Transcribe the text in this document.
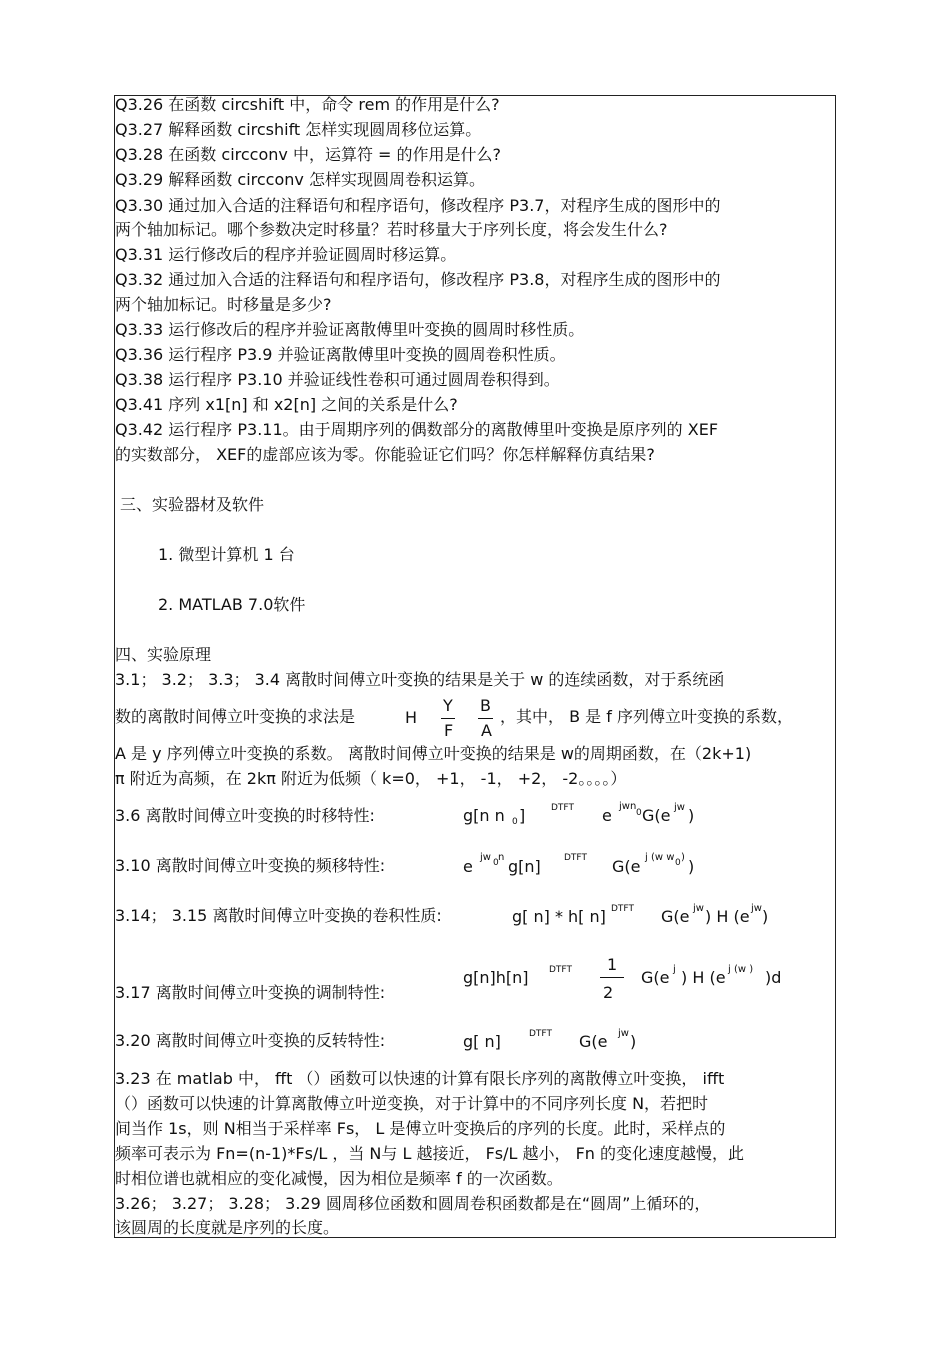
Q3.26 在函数 circshift 中，命令 rem 的作用是什么?
Q3.27 解释函数 circshift 怎样实现圆周移位运算。
Q3.28 在函数 circconv 中，运算符 = 的作用是什么?
Q3.29 解释函数 circconv 怎样实现圆周卷积运算。
Q3.30 通过加入合适的注释语句和程序语句，修改程序 P3.7，对程序生成的图形中的
两个轴加标记。哪个参数决定时移量？若时移量大于序列长度，将会发生什么?
Q3.31 运行修改后的程序并验证圆周时移运算。
Q3.32 通过加入合适的注释语句和程序语句，修改程序 P3.8，对程序生成的图形中的
两个轴加标记。时移量是多少?
Q3.33 运行修改后的程序并验证离散傅里叶变换的圆周时移性质。
Q3.36 运行程序 P3.9 并验证离散傅里叶变换的圆周卷积性质。
Q3.38 运行程序 P3.10 并验证线性卷积可通过圆周卷积得到。
Q3.41 序列 x1[n] 和 x2[n] 之间的关系是什么?
Q3.42 运行程序 P3.11。由于周期序列的偶数部分的离散傅里叶变换是原序列的 XEF
的实数部分， XEF的虚部应该为零。你能验证它们吗？你怎样解释仿真结果?
三、实验器材及软件
1. 微型计算机 1 台
2. MATLAB 7.0软件
四、实验原理
3.1； 3.2； 3.3； 3.4 离散时间傅立叶变换的结果是关于 w 的连续函数，对于系统函
数的离散时间傅立叶变换的求法是	H
Y
F
B
A
，其中， B 是 f 序列傅立叶变换的系数，
A 是 y 序列傅立叶变换的系数。 离散时间傅立叶变换的结果是 w的周期函数，在（2k+1)
π 附近为高频，在 2kπ 附近为低频（ k=0， +1， -1， +2， -2。。。。）
3.6 离散时间傅立叶变换的时移特性:	g[n n 0 ]	DTFT e jwn
0 G(e jw )
3.10 离散时间傅立叶变换的频移特性:	e jw 0 n g[n]	DTFT G(e j (w w 0 ) )
3.14； 3.15 离散时间傅立叶变换的卷积性质:	g[ n] * h[ n] DTFT G(e jw ) H (e jw )
3.17 离散时间傅立叶变换的调制特性:
g[n]h[n] DTFT 1
2
G(e j ) H (e j (w ) )d
3.20 离散时间傅立叶变换的反转特性:	g[ n]	DTFT G(e jw )
3.23 在 matlab 中， fft （）函数可以快速的计算有限长序列的离散傅立叶变换， ifft
（）函数可以快速的计算离散傅立叶逆变换，对于计算中的不同序列长度 N，若把时
间当作 1s，则 N相当于采样率 Fs， L 是傅立叶变换后的序列的长度。此时，采样点的
频率可表示为 Fn=(n-1)*Fs/L ，当 N与 L 越接近， Fs/L 越小， Fn 的变化速度越慢，此
时相位谱也就相应的变化减慢，因为相位是频率 f 的一次函数。
3.26； 3.27； 3.28； 3.29 圆周移位函数和圆周卷积函数都是在“圆周”上循环的，
该圆周的长度就是序列的长度。
